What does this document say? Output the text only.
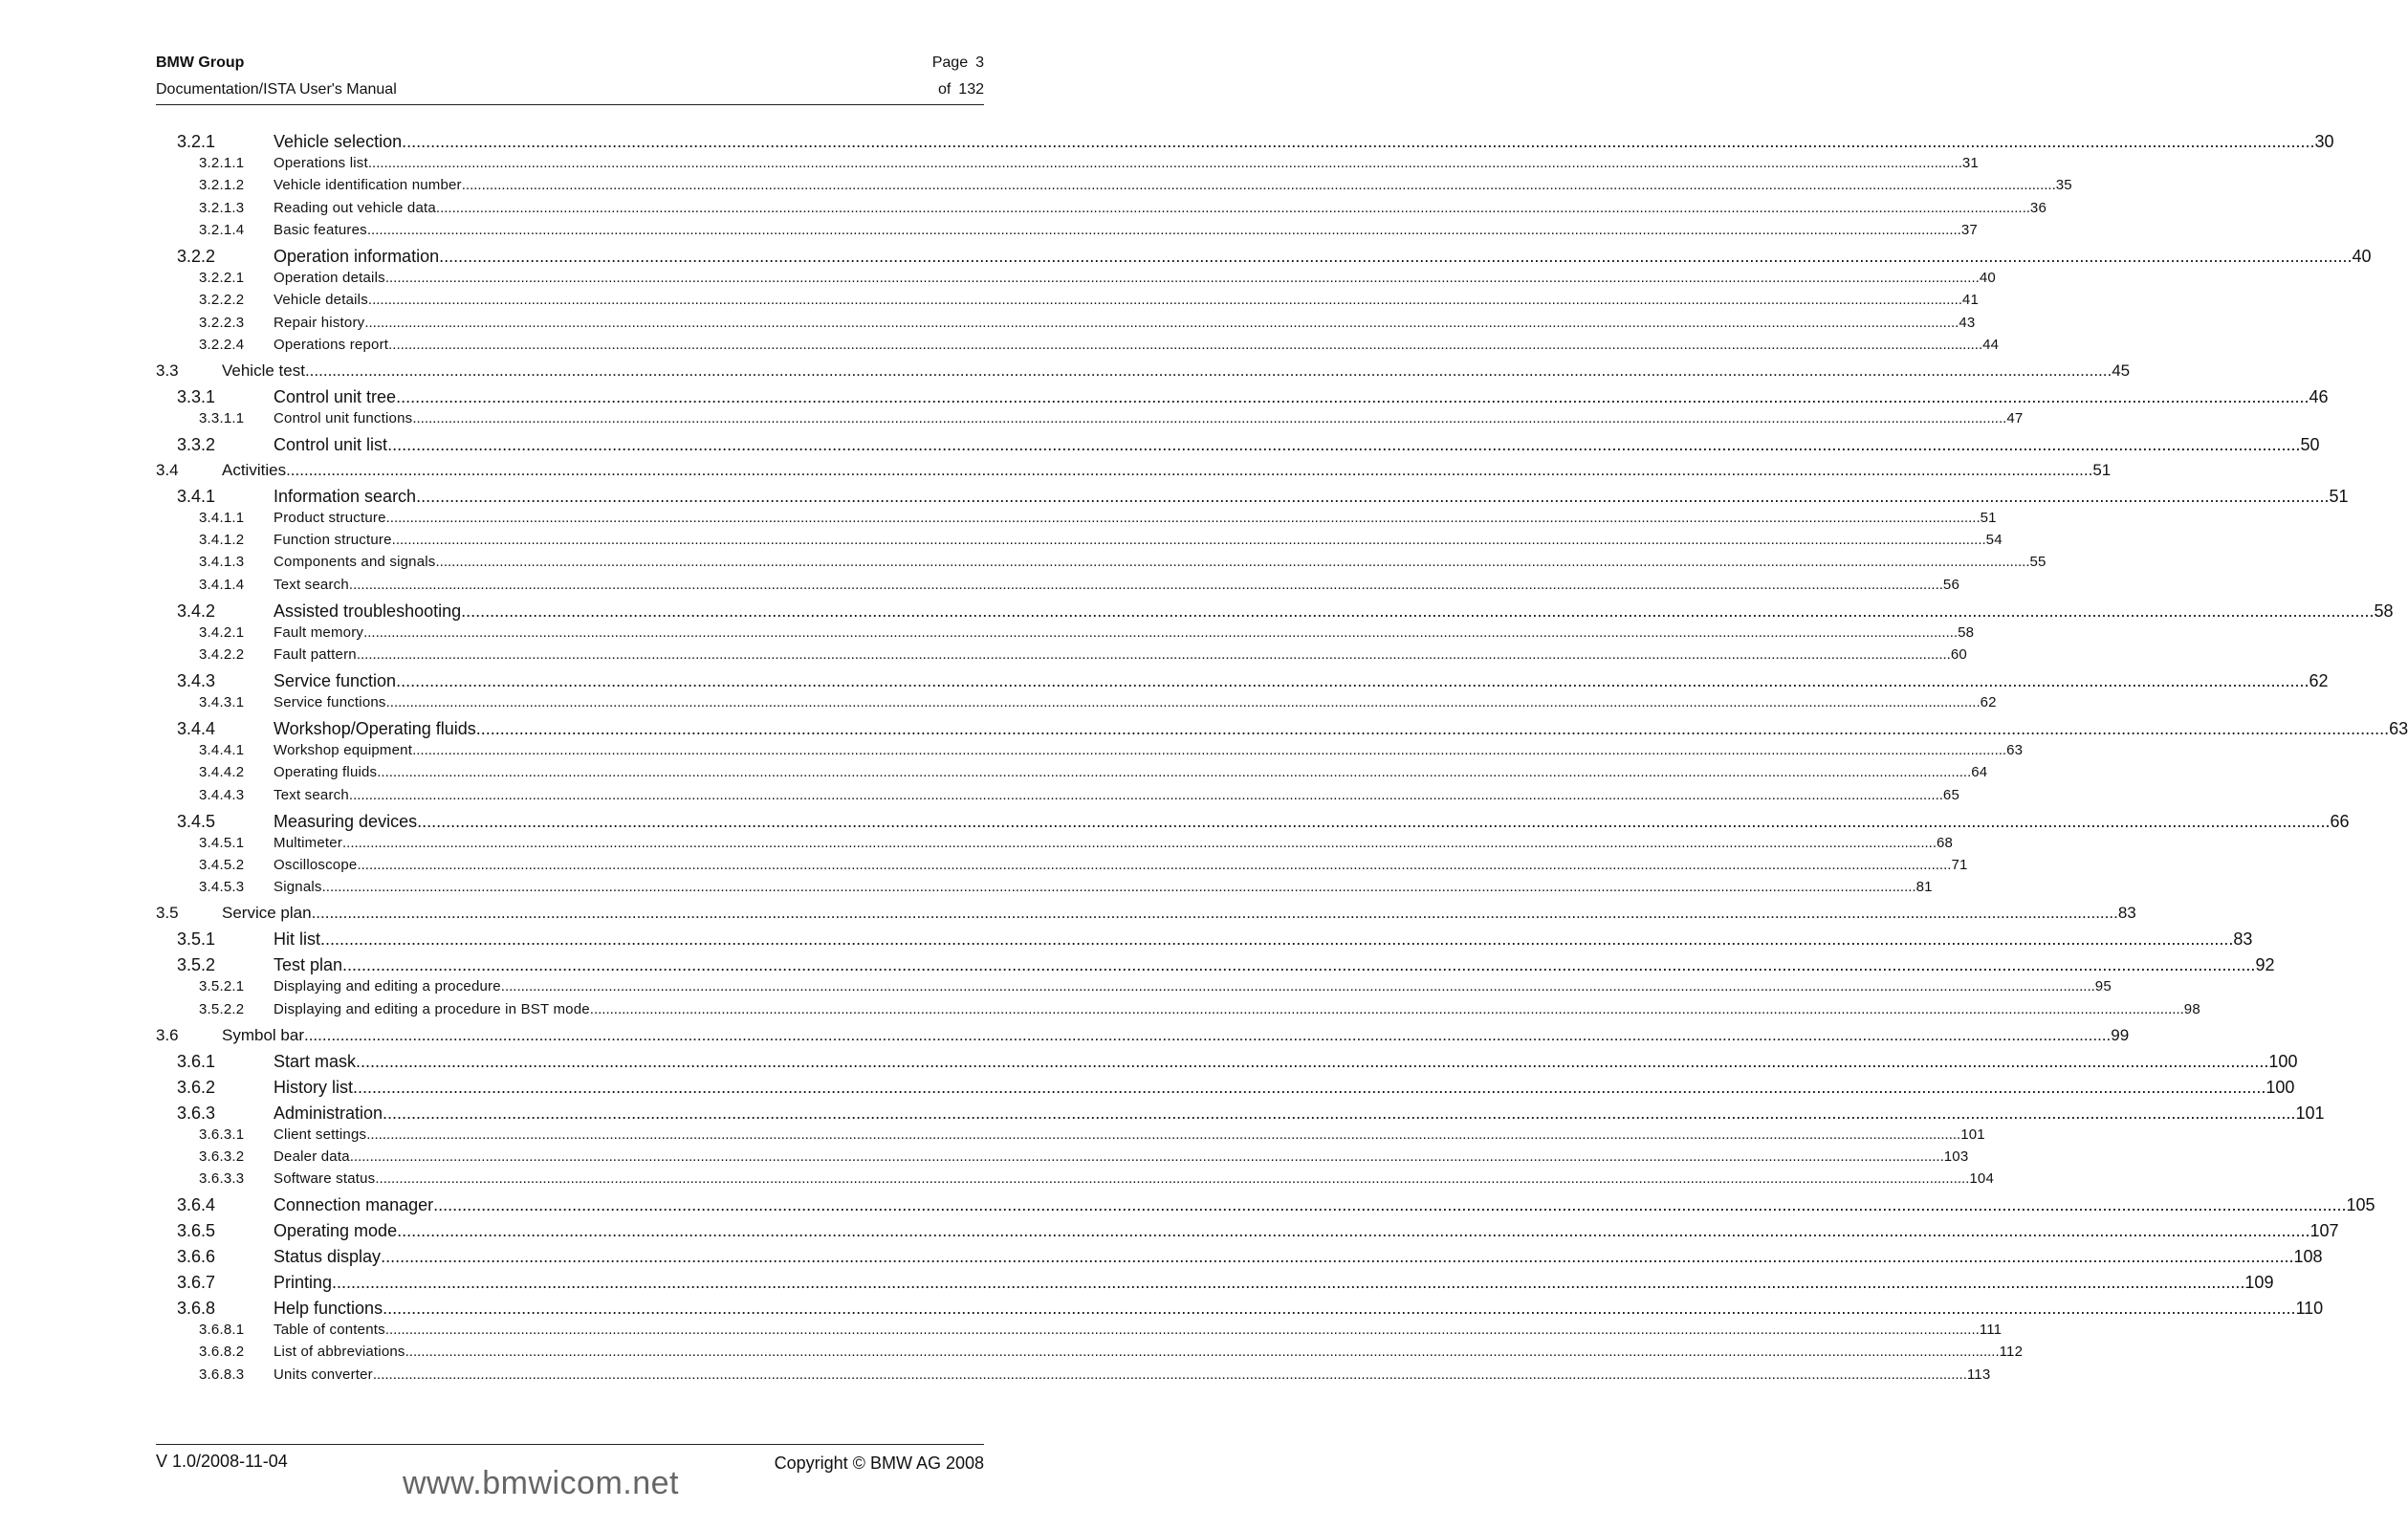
BMW Group
Documentation/ISTA User's Manual
Page 3
of 132
3.2.1	Vehicle selection ................................................................................................................................................................................................................................................................................................................................................................................................................ 30
3.2.1.1 Operations list ................................................................................................................................................................................................................................................................................................................................................................................................................ 31
3.2.1.2 Vehicle identification number ................................................................................................................................................................................................................................................................................................................................................................................................................ 35
3.2.1.3 Reading out vehicle data ................................................................................................................................................................................................................................................................................................................................................................................................................ 36
3.2.1.4 Basic features ................................................................................................................................................................................................................................................................................................................................................................................................................ 37
3.2.2	Operation information ................................................................................................................................................................................................................................................................................................................................................................................................................ 40
3.2.2.1 Operation details ................................................................................................................................................................................................................................................................................................................................................................................................................ 40
3.2.2.2 Vehicle details ................................................................................................................................................................................................................................................................................................................................................................................................................ 41
3.2.2.3 Repair history ................................................................................................................................................................................................................................................................................................................................................................................................................ 43
3.2.2.4 Operations report ................................................................................................................................................................................................................................................................................................................................................................................................................ 44
3.3	Vehicle test ................................................................................................................................................................................................................................................................................................................................................................................................................ 45
3.3.1	Control unit tree ................................................................................................................................................................................................................................................................................................................................................................................................................ 46
3.3.1.1 Control unit functions ................................................................................................................................................................................................................................................................................................................................................................................................................ 47
3.3.2	Control unit list ................................................................................................................................................................................................................................................................................................................................................................................................................ 50
3.4	Activities ................................................................................................................................................................................................................................................................................................................................................................................................................ 51
3.4.1	Information search ................................................................................................................................................................................................................................................................................................................................................................................................................ 51
3.4.1.1 Product structure ................................................................................................................................................................................................................................................................................................................................................................................................................ 51
3.4.1.2 Function structure ................................................................................................................................................................................................................................................................................................................................................................................................................ 54
3.4.1.3 Components and signals ................................................................................................................................................................................................................................................................................................................................................................................................................ 55
3.4.1.4 Text search ................................................................................................................................................................................................................................................................................................................................................................................................................ 56
3.4.2	Assisted troubleshooting ................................................................................................................................................................................................................................................................................................................................................................................................................ 58
3.4.2.1 Fault memory ................................................................................................................................................................................................................................................................................................................................................................................................................ 58
3.4.2.2 Fault pattern ................................................................................................................................................................................................................................................................................................................................................................................................................ 60
3.4.3	Service function ................................................................................................................................................................................................................................................................................................................................................................................................................ 62
3.4.3.1 Service functions ................................................................................................................................................................................................................................................................................................................................................................................................................ 62
3.4.4	Workshop/Operating fluids ................................................................................................................................................................................................................................................................................................................................................................................................................ 63
3.4.4.1 Workshop equipment ................................................................................................................................................................................................................................................................................................................................................................................................................ 63
3.4.4.2 Operating fluids ................................................................................................................................................................................................................................................................................................................................................................................................................ 64
3.4.4.3 Text search ................................................................................................................................................................................................................................................................................................................................................................................................................ 65
3.4.5	Measuring devices ................................................................................................................................................................................................................................................................................................................................................................................................................ 66
3.4.5.1 Multimeter ................................................................................................................................................................................................................................................................................................................................................................................................................ 68
3.4.5.2 Oscilloscope ................................................................................................................................................................................................................................................................................................................................................................................................................ 71
3.4.5.3 Signals ................................................................................................................................................................................................................................................................................................................................................................................................................ 81
3.5	Service plan ................................................................................................................................................................................................................................................................................................................................................................................................................ 83
3.5.1	Hit list ................................................................................................................................................................................................................................................................................................................................................................................................................ 83
3.5.2	Test plan ................................................................................................................................................................................................................................................................................................................................................................................................................ 92
3.5.2.1 Displaying and editing a procedure ................................................................................................................................................................................................................................................................................................................................................................................................................ 95
3.5.2.2 Displaying and editing a procedure in BST mode ................................................................................................................................................................................................................................................................................................................................................................................................................ 98
3.6	Symbol bar ................................................................................................................................................................................................................................................................................................................................................................................................................ 99
3.6.1	Start mask ................................................................................................................................................................................................................................................................................................................................................................................................................ 100
3.6.2	History list ................................................................................................................................................................................................................................................................................................................................................................................................................ 100
3.6.3	Administration ................................................................................................................................................................................................................................................................................................................................................................................................................ 101
3.6.3.1 Client settings ................................................................................................................................................................................................................................................................................................................................................................................................................ 101
3.6.3.2 Dealer data ................................................................................................................................................................................................................................................................................................................................................................................................................ 103
3.6.3.3 Software status ................................................................................................................................................................................................................................................................................................................................................................................................................ 104
3.6.4	Connection manager ................................................................................................................................................................................................................................................................................................................................................................................................................ 105
3.6.5	Operating mode ................................................................................................................................................................................................................................................................................................................................................................................................................ 107
3.6.6	Status display ................................................................................................................................................................................................................................................................................................................................................................................................................ 108
3.6.7	Printing ................................................................................................................................................................................................................................................................................................................................................................................................................ 109
3.6.8	Help functions ................................................................................................................................................................................................................................................................................................................................................................................................................ 110
3.6.8.1 Table of contents ................................................................................................................................................................................................................................................................................................................................................................................................................ 111
3.6.8.2 List of abbreviations ................................................................................................................................................................................................................................................................................................................................................................................................................ 112
3.6.8.3 Units converter ................................................................................................................................................................................................................................................................................................................................................................................................................ 113
V 1.0/2008-11-04	Copyright © BMW AG 2008
www.bmwicom.net
